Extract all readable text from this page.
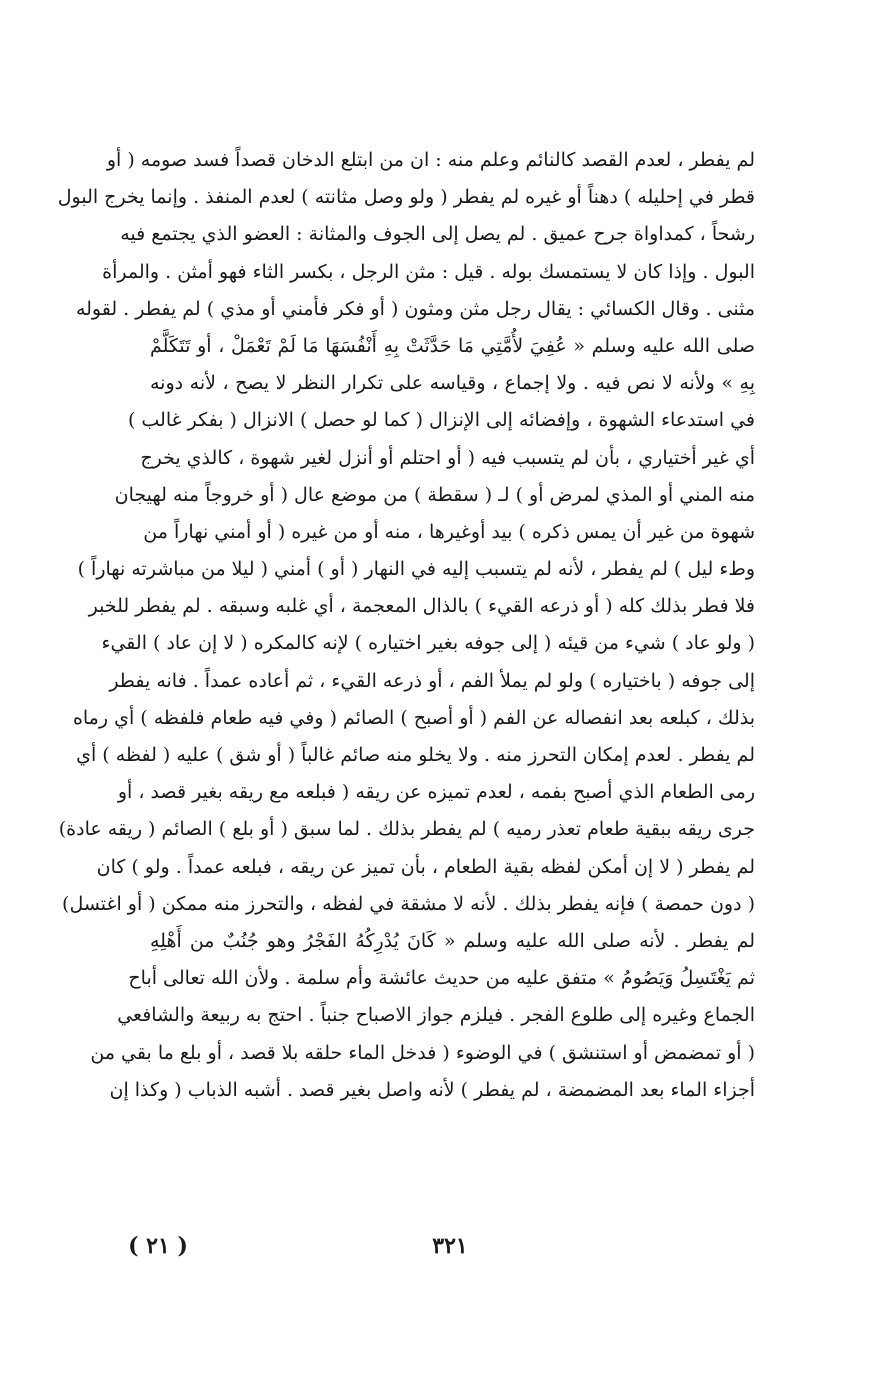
لم يفطر ، لعدم القصد كالنائم وعلم منه : ان من ابتلع الدخان قصداً فسد صومه ( أو
قطر في إحليله ) دهناً أو غيره لم يفطر ( ولو وصل مثانته ) لعدم المنفذ . وإنما يخرج البول
رشحاً ، كمداواة جرح عميق . لم يصل إلى الجوف والمثانة : العضو الذي يجتمع فيه
البول . وإذا كان لا يستمسك بوله . قيل : مثن الرجل ، بكسر الثاء فهو أمثن . والمرأة
مثنى . وقال الكسائي : يقال رجل مثن ومثون ( أو فكر فأمني أو مذي ) لم يفطر . لقوله
صلى الله عليه وسلم « عُفِيَ لأُمَّتِي مَا حَدَّثَتْ بِهِ أَنْفُسَهَا مَا لَمْ تَعْمَلْ ، أو تَتَكَلَّمْ
بِهِ » ولأنه لا نص فيه . ولا إجماع ، وقياسه على تكرار النظر لا يصح ، لأنه دونه
في استدعاء الشهوة ، وإفضائه إلى الإنزال ( كما لو حصل ) الانزال ( بفكر غالب )
أي غير أختياري ، بأن لم يتسبب فيه ( أو احتلم أو أنزل لغير شهوة ، كالذي يخرج
منه المني أو المذي لمرض أو ) لـ ( سقطة ) من موضع عال ( أو خروجاً منه لهيجان
شهوة من غير أن يمس ذكره ) بيد أوغيرها ، منه أو من غيره ( أو أمني نهاراً من
وطء ليل ) لم يفطر ، لأنه لم يتسبب إليه في النهار ( أو ) أمني ( ليلا من مباشرته نهاراً )
فلا فطر بذلك كله ( أو ذرعه القيء ) بالذال المعجمة ، أي غلبه وسبقه . لم يفطر للخبر
( ولو عاد ) شيء من قيئه ( إلى جوفه بغير اختياره ) لإنه كالمكره ( لا إن عاد ) القيء
إلى جوفه ( باختياره ) ولو لم يملأ الفم ، أو ذرعه القيء ، ثم أعاده عمداً . فانه يفطر
بذلك ، كبلعه بعد انفصاله عن الفم ( أو أصبح ) الصائم ( وفي فيه طعام فلفظه ) أي رماه
لم يفطر . لعدم إمكان التحرز منه . ولا يخلو منه صائم غالباً ( أو شق ) عليه ( لفظه ) أي
رمى الطعام الذي أصبح بفمه ، لعدم تميزه عن ريقه ( فبلعه مع ريقه بغير قصد ، أو
جرى ريقه ببقية طعام تعذر رميه ) لم يفطر بذلك . لما سبق ( أو بلع ) الصائم ( ريقه عادة)
لم يفطر ( لا إن أمكن لفظه بقية الطعام ، بأن تميز عن ريقه ، فبلعه عمداً . ولو ) كان
( دون حمصة ) فإنه يفطر بذلك . لأنه لا مشقة في لفظه ، والتحرز منه ممكن ( أو اغتسل)
لم يفطر . لأنه صلى الله عليه وسلم « كَانَ يُدْرِكُهُ الفَجْرُ وهو جُنُبٌ من أَهْلِهِ
ثم يَغْتَسِلُ وَيَصُومُ » متفق عليه من حديث عائشة وأم سلمة . ولأن الله تعالى أباح
الجماع وغيره إلى طلوع الفجر . فيلزم جواز الاصباح جنباً . احتج به ربيعة والشافعي
( أو تمضمض أو استنشق ) في الوضوء ( فدخل الماء حلقه بلا قصد ، أو بلع ما بقي من
أجزاء الماء بعد المضمضة ، لم يفطر ) لأنه واصل بغير قصد . أشبه الذباب ( وكذا إن
٣٢١
( ٢١ )
